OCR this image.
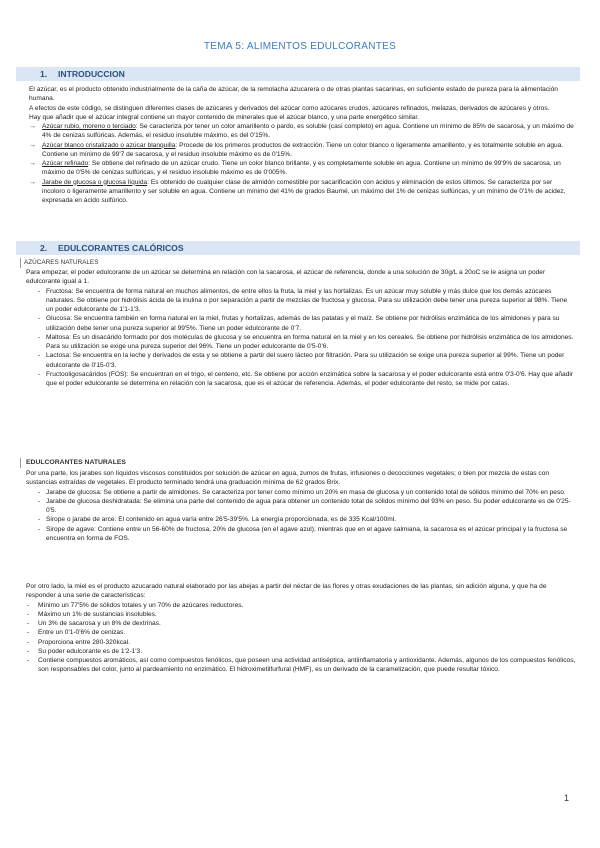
TEMA 5: ALIMENTOS EDULCORANTES
1. INTRODUCCION

El azúcar, es el producto obtenido industrialmente de la caña de azúcar, de la remolacha azucarera o de otras plantas sacarinas, en suficiente estado de pureza para la alimentación humana.

A efectos de este código, se distinguen diferentes clases de azúcares y derivados del azúcar como azúcares crudos, azúcares refinados, melazas, derivados de azúcares y otros.

Hay que añadir que el azúcar integral contiene un mayor contenido de minerales que el azúcar blanco, y una parte energético similar.

→ Azúcar rubio, moreno o terciado: Se caracteriza por tener un color amarillento o pardo, es soluble (casi completo) en agua. Contiene un mínimo de 85% de sacarosa, y un máximo de 4% de cenizas sulfúricas. Además, el residuo insoluble máximo, es del 0'15%.
→ Azúcar blanco cristalizado o azúcar blanquilla: Procede de los primeros productos de extracción. Tiene un color blanco o ligeramente amarillento, y es totalmente soluble en agua. Contiene un mínimo de 99'7 de sacarosa, y el residuo insoluble máximo es de 0'15%.
→ Azúcar refinado: Se obtiene del refinado de un azúcar crudo. Tiene un color blanco brillante, y es completamente soluble en agua. Contiene un mínimo de 99'9% de sacarosa, un máximo de 0'5% de cenizas sulfúricas, y el residuo insoluble máximo es de 0'005%.
→ Jarabe de glucosa o glucosa líquida: Es obtenido de cualquier clase de almidón comestible por sacarificación con ácidos y eliminación de estos últimos. Se caracteriza por ser incoloro o ligeramente amarillento y ser soluble en agua. Contiene un mínimo del 41% de grados Baumé, un máximo del 1% de cenizas sulfúricas, y un mínimo de 0'1% de acidez, expresada en ácido sulfúrico.
2. EDULCORANTES CALÓRICOS
AZÚCARES NATURALES

Para empezar, el poder edulcorante de un azúcar se determina en relación con la sacarosa, el azúcar de referencia, donde a una solución de 30g/L a 20oC se le asigna un poder edulcorante igual a 1.

- Fructosa: Se encuentra de forma natural en muchos alimentos, de entre ellos la fruta, la miel y las hortalizas. Es un azúcar muy soluble y más dulce que los demás azúcares naturales. Se obtiene por hidrólisis ácida de la inulina o por separación a partir de mezclas de fructosa y glucosa. Para su utilización debe tener una pureza superior al 98%. Tiene un poder edulcorante de 1'1-1'3.
- Glucosa: Se encuentra también en forma natural en la miel, frutas y hortalizas, además de las patatas y el maíz. Se obtiene por hidrólisis enzimática de los almidones y para su utilización debe tener una pureza superior al 99'5%. Tiene un poder edulcorante de 0'7.
- Maltosa: Es un disacárido formado por dos moléculas de glucosa y se encuentra en forma natural en la miel y en los cereales. Se obtiene por hidrólisis enzimática de los almidones. Para su utilización se exige una pureza superior del 96%. Tiene un poder edulcorante de 0'5-0'6.
- Lactosa: Se encuentra en la leche y derivados de esta y se obtiene a partir del suero lácteo por filtración. Para su utilización se exige una pureza superior al 99%. Tiene un poder edulcorante de 0'15-0'3.
- Fructooligosacáridos (FOS): Se encuentran en el trigo, el centeno, etc. Se obtiene por acción enzimática sobre la sacarosa y el poder edulcorante está entre 0'3-0'6. Hay que añadir que el poder edulcorante se determina en relación con la sacarosa, que es el azúcar de referencia. Además, el poder edulcorante del resto, se mide por catas.
EDULCORANTES NATURALES

Por una parte, los jarabes son líquidos viscosos constituidos por solución de azúcar en agua, zumos de frutas, infusiones o decocciones vegetales; o bien por mezcla de estas con sustancias extraídas de vegetales. El producto terminado tendrá una graduación mínima de 62 grados Brix.

- Jarabe de glucosa: Se obtiene a partir de almidones. Se caracteriza por tener como mínimo un 20% en masa de glucosa y un contenido total de sólidos mínimo del 70% en peso.
- Jarabe de glucosa deshidratada: Se elimina una parte del contenido de agua para obtener un contenido total de sólidos mínimo del 93% en peso. Su poder edulcorante es de 0'25-0'5.
- Sirope o jarabe de arce: El contenido en agua varía entre 26'5-39'5%. La energía proporcionada, es de 335 Kcal/100ml.
- Sirope de agave: Contiene entre un 56-60% de fructosa, 20% de glucosa (en el agave azul); mientras que en el agave salmiana, la sacarosa es el azúcar principal y la fructosa se encuentra en forma de FOS.

Por otro lado, la miel es el producto azucarado natural elaborado por las abejas a partir del néctar de las flores y otras exudaciones de las plantas, sin adición alguna, y que ha de responder a una serie de características:

- Mínimo un 77'5% de sólidos totales y un 70% de azúcares reductores.
- Máximo un 1% de sustancias insolubles.
- Un 3% de sacarosa y un 8% de dextrinas.
- Entre un 0'1-0'6% de cenizas.
- Proporciona entre 280-320kcal.
- Su poder edulcorante es de 1'2-1'3.
- Contiene compuestos aromáticos, así como compuestos fenólicos, que poseen una actividad antiséptica, antiinflamatoria y antioxidante. Además, algunos de los compuestos fenólicos, son responsables del color, junto al pardeamiento no enzimático. El hidroximetilfurfural (HMF), es un derivado de la caramelización, que puede resultar tóxico.
1
